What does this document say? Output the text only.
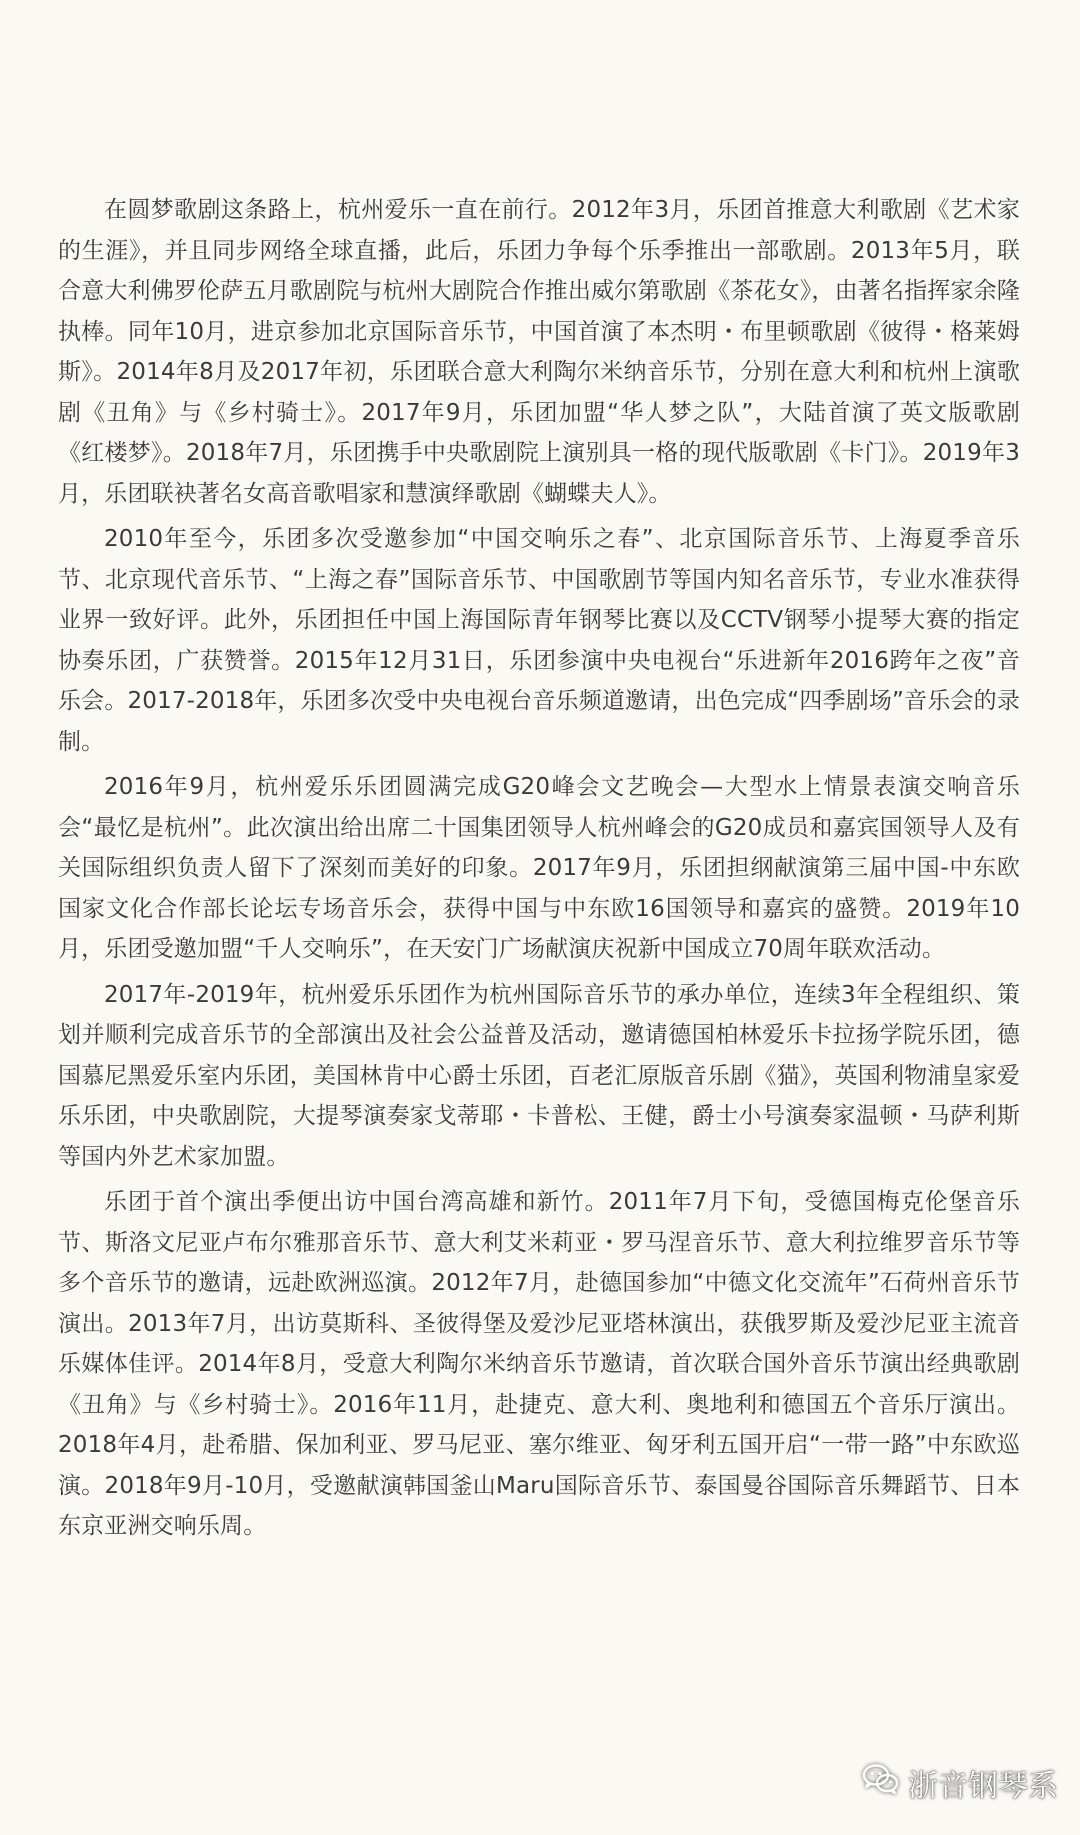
在圆梦歌剧这条路上，杭州爱乐一直在前行。2012年3月，乐团首推意大利歌剧《艺术家的生涯》，并且同步网络全球直播，此后，乐团力争每个乐季推出一部歌剧。2013年5月，联合意大利佛罗伦萨五月歌剧院与杭州大剧院合作推出威尔第歌剧《茶花女》，由著名指挥家余隆执棒。同年10月，进京参加北京国际音乐节，中国首演了本杰明・布里顿歌剧《彼得・格莱姆斯》。2014年8月及2017年初，乐团联合意大利陶尔米纳音乐节，分别在意大利和杭州上演歌剧《丑角》与《乡村骑士》。2017年9月，乐团加盟“华人梦之队”，大陆首演了英文版歌剧《红楼梦》。2018年7月，乐团携手中央歌剧院上演别具一格的现代版歌剧《卡门》。2019年3月，乐团联袂著名女高音歌唱家和慧演绎歌剧《蝴蝶夫人》。

2010年至今，乐团多次受邀参加“中国交响乐之春”、北京国际音乐节、上海夏季音乐节、北京现代音乐节、“上海之春”国际音乐节、中国歌剧节等国内知名音乐节，专业水准获得业界一致好评。此外，乐团担任中国上海国际青年钢琴比赛以及CCTV钢琴小提琴大赛的指定协奏乐团，广获赞誉。2015年12月31日，乐团参演中央电视台“乐进新年2016跨年之夜”音乐会。2017-2018年，乐团多次受中央电视台音乐频道邀请，出色完成“四季剧场”音乐会的录制。

2016年9月，杭州爱乐乐团圆满完成G20峰会文艺晚会—大型水上情景表演交响音乐会“最忆是杭州”。此次演出给出席二十国集团领导人杭州峰会的G20成员和嘉宾国领导人及有关国际组织负责人留下了深刻而美好的印象。2017年9月，乐团担纲献演第三届中国-中东欧国家文化合作部长论坛专场音乐会，获得中国与中东欧16国领导和嘉宾的盛赞。2019年10月，乐团受邀加盟“千人交响乐”，在天安门广场献演庆祝新中国成立70周年联欢活动。

2017年-2019年，杭州爱乐乐团作为杭州国际音乐节的承办单位，连续3年全程组织、策划并顺利完成音乐节的全部演出及社会公益普及活动，邀请德国柏林爱乐卡拉扬学院乐团，德国慕尼黑爱乐室内乐团，美国林肯中心爵士乐团，百老汇原版音乐剧《猫》，英国利物浦皇家爱乐乐团，中央歌剧院，大提琴演奏家戈蒂耶・卡普松、王健，爵士小号演奏家温顿・马萨利斯等国内外艺术家加盟。

乐团于首个演出季便出访中国台湾高雄和新竹。2011年7月下旬，受德国梅克伦堡音乐节、斯洛文尼亚卢布尔雅那音乐节、意大利艾米莉亚・罗马涅音乐节、意大利拉维罗音乐节等多个音乐节的邀请，远赴欧洲巡演。2012年7月，赴德国参加“中德文化交流年”石荷州音乐节演出。2013年7月，出访莫斯科、圣彼得堡及爱沙尼亚塔林演出，获俄罗斯及爱沙尼亚主流音乐媒体佳评。2014年8月，受意大利陶尔米纳音乐节邀请，首次联合国外音乐节演出经典歌剧《丑角》与《乡村骑士》。2016年11月，赴捷克、意大利、奥地利和德国五个音乐厅演出。2018年4月，赴希腊、保加利亚、罗马尼亚、塞尔维亚、匈牙利五国开启“一带一路”中东欧巡演。2018年9月-10月，受邀献演韩国釜山Maru国际音乐节、泰国曼谷国际音乐舞蹈节、日本东京亚洲交响乐周。

浙音钢琴系
